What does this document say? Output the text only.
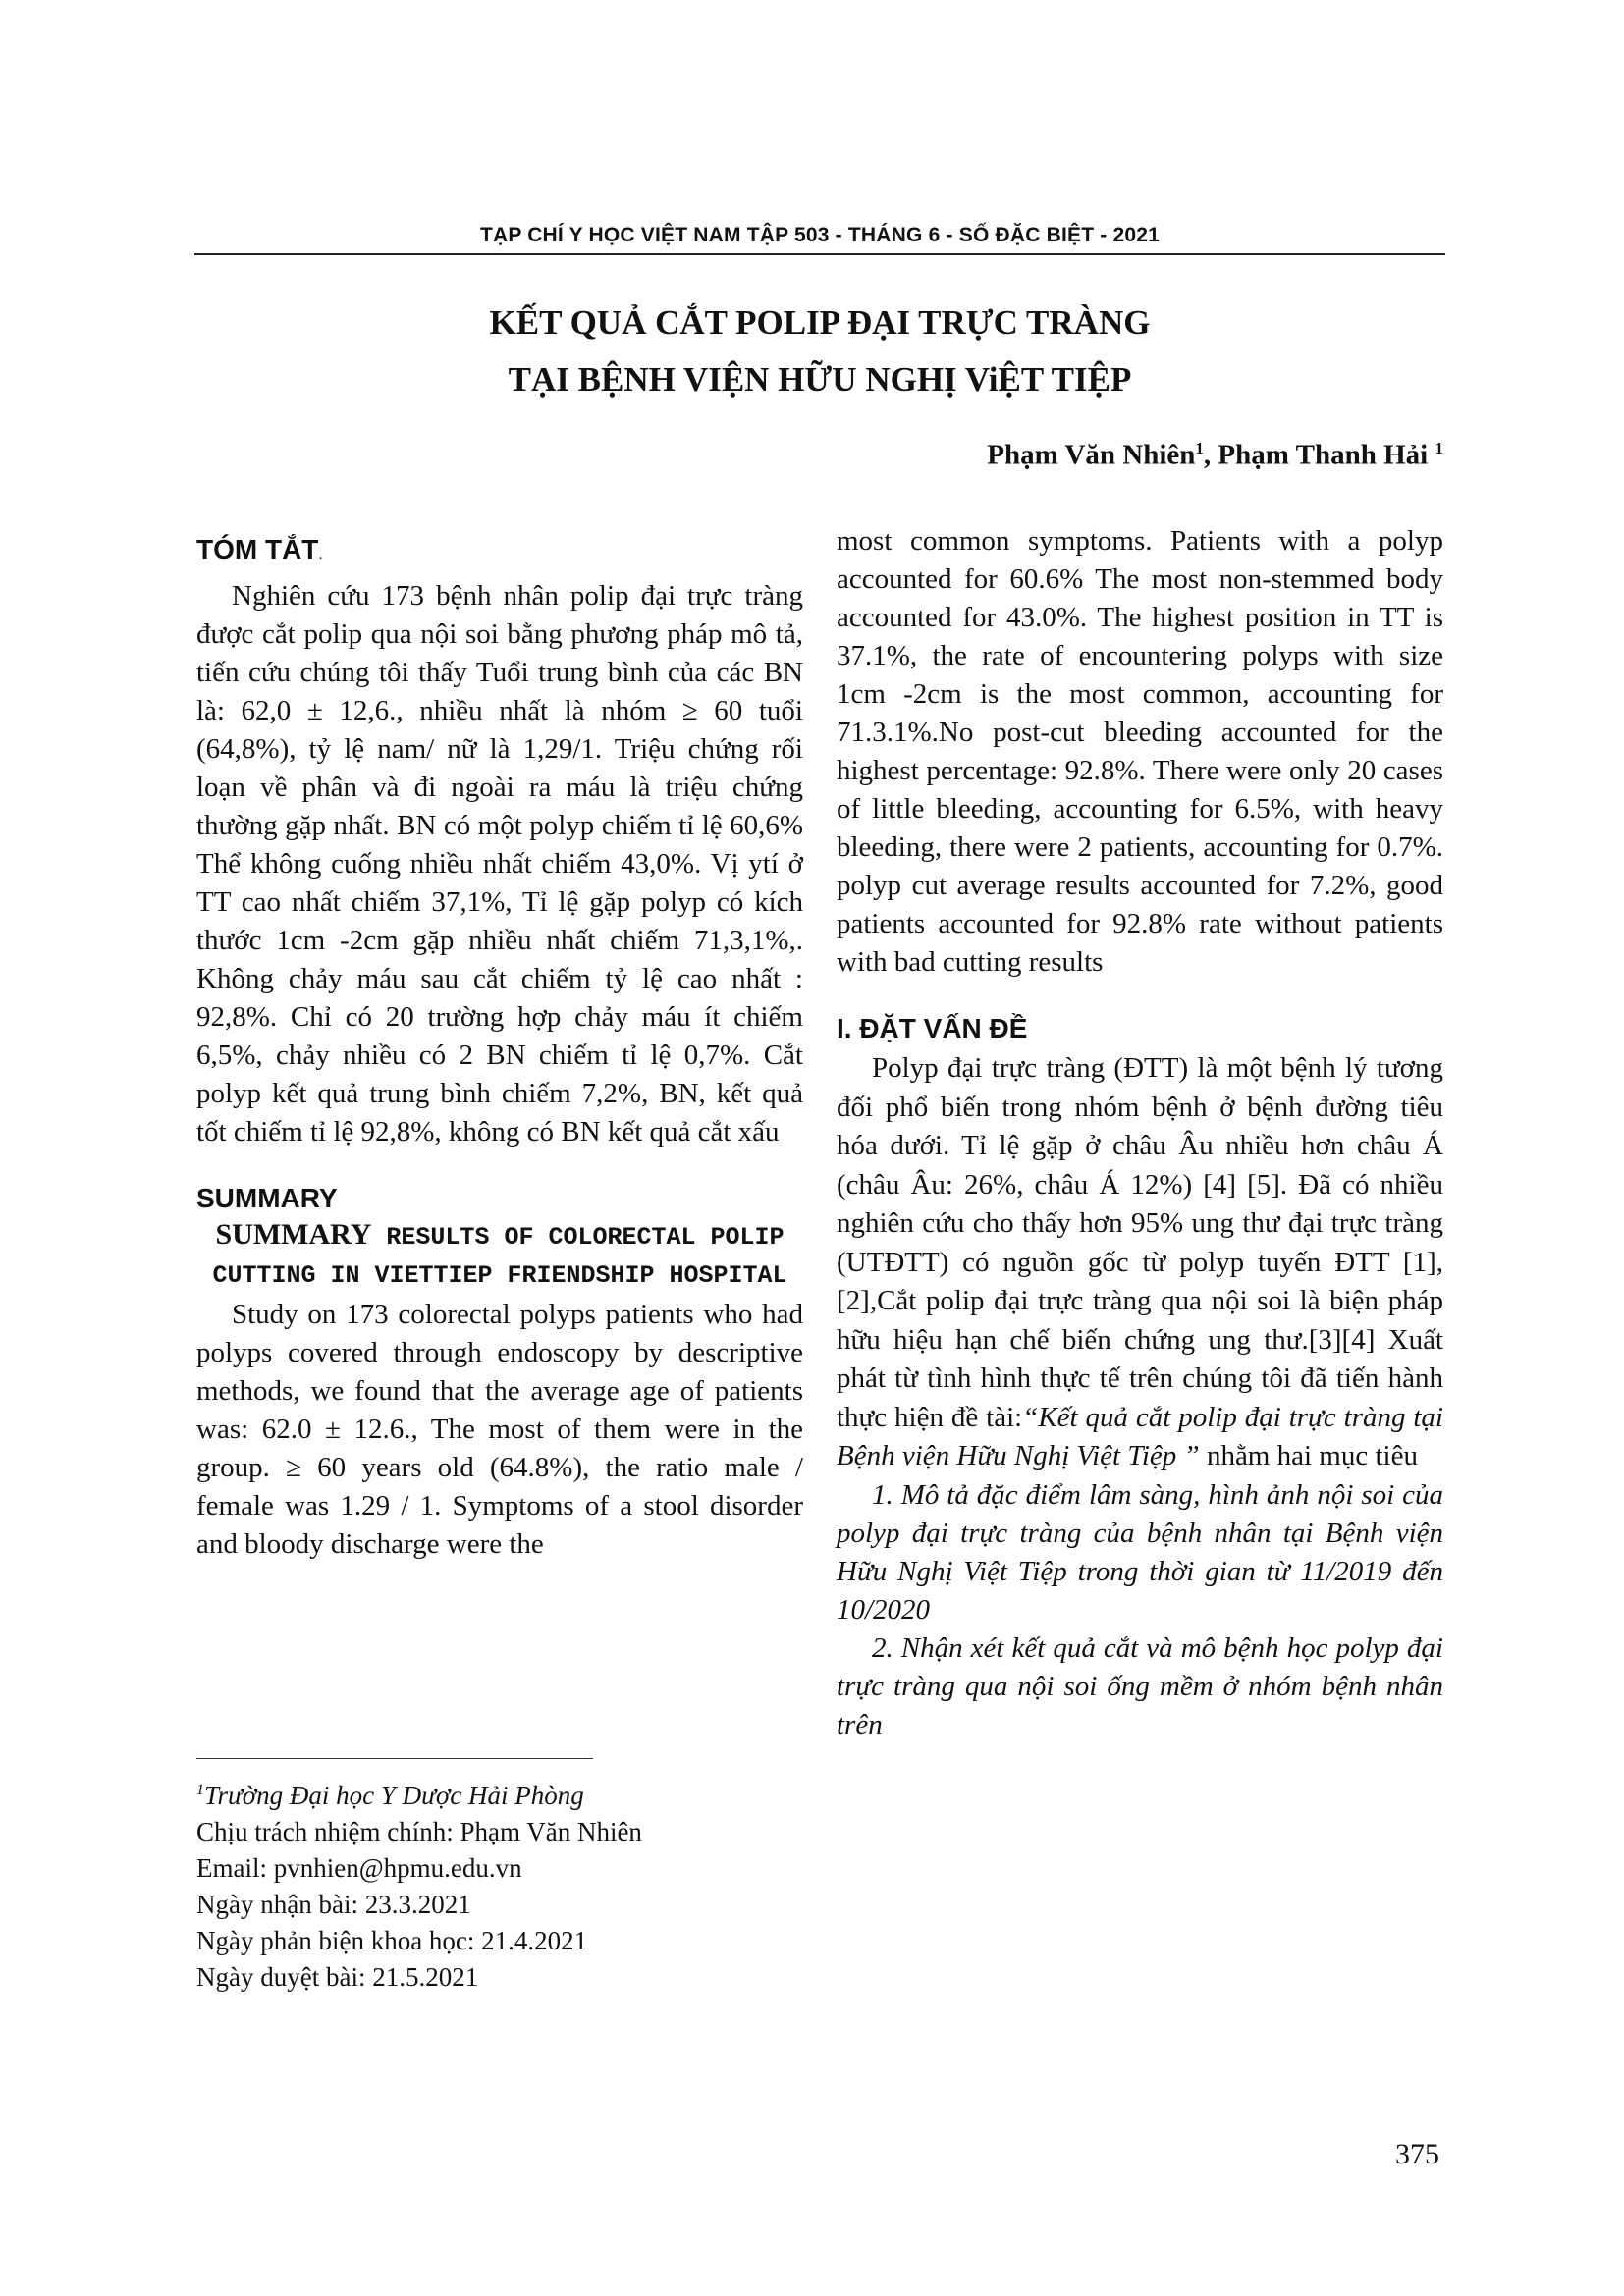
TẠP CHÍ Y HỌC VIỆT NAM TẬP 503 - THÁNG 6 - SỐ ĐẶC BIỆT - 2021
KẾT QUẢ CẮT POLIP ĐẠI TRỰC TRÀNG
TẠI BỆNH VIỆN HỮU NGHỊ ViỆT TIỆP
Phạm Văn Nhiên$^1$, Phạm Thanh Hải $^1$

TÓM TẮT.

Nghiên cứu 173 bệnh nhân polip đại trực tràng được cắt polip qua nội soi bằng phương pháp mô tả, tiến cứu chúng tôi thấy Tuổi trung bình của các BN là: 62,0 ± 12,6., nhiều nhất là nhóm ≥ 60 tuổi (64,8%), tỷ lệ nam/ nữ là 1,29/1. Triệu chứng rối loạn về phân và đi ngoài ra máu là triệu chứng thường gặp nhất. BN có một polyp chiếm tỉ lệ 60,6% Thể không cuống nhiều nhất chiếm 43,0%. Vị ytí ở TT cao nhất chiếm 37,1%, Tỉ lệ gặp polyp có kích thước 1cm -2cm gặp nhiều nhất chiếm 71,3,1%,. Không chảy máu sau cắt chiếm tỷ lệ cao nhất : 92,8%. Chỉ có 20 trường hợp chảy máu ít chiếm 6,5%, chảy nhiều có 2 BN chiếm tỉ lệ 0,7%. Cắt polyp kết quả trung bình chiếm 7,2%, BN, kết quả tốt chiếm tỉ lệ 92,8%, không có BN kết quả cắt xấu

SUMMARY

SUMMARY RESULTS OF COLORECTAL POLIP CUTTING IN VIETTIEP FRIENDSHIP HOSPITAL

Study on 173 colorectal polyps patients who had polyps covered through endoscopy by descriptive methods, we found that the average age of patients was: 62.0 ± 12.6., The most of them were in the group. ≥ 60 years old (64.8%), the ratio male / female was 1.29 / 1. Symptoms of a stool disorder and bloody discharge were the

$^1$Trường Đại học Y Dược Hải Phòng
Chịu trách nhiệm chính: Phạm Văn Nhiên
Email: pvnhien@hpmu.edu.vn
Ngày nhận bài: 23.3.2021
Ngày phản biện khoa học: 21.4.2021
Ngày duyệt bài: 21.5.2021

most common symptoms. Patients with a polyp accounted for 60.6% The most non-stemmed body accounted for 43.0%. The highest position in TT is 37.1%, the rate of encountering polyps with size 1cm -2cm is the most common, accounting for 71.3.1%.No post-cut bleeding accounted for the highest percentage: 92.8%. There were only 20 cases of little bleeding, accounting for 6.5%, with heavy bleeding, there were 2 patients, accounting for 0.7%. polyp cut average results accounted for 7.2%, good patients accounted for 92.8% rate without patients with bad cutting results

I. ĐẶT VẤN ĐỀ

Polyp đại trực tràng (ĐTT) là một bệnh lý tương đối phổ biến trong nhóm bệnh ở bệnh đường tiêu hóa dưới. Tỉ lệ gặp ở châu Âu nhiều hơn châu Á (châu Âu: 26%, châu Á 12%) [4] [5]. Đã có nhiều nghiên cứu cho thấy hơn 95% ung thư đại trực tràng (UTĐTT) có nguồn gốc từ polyp tuyến ĐTT [1], [2],Cắt polip đại trực tràng qua nội soi là biện pháp hữu hiệu hạn chế biến chứng ung thư.[3][4] Xuất phát từ tình hình thực tế trên chúng tôi đã tiến hành thực hiện đề tài:“Kết quả cắt polip đại trực tràng tại Bệnh viện Hữu Nghị Việt Tiệp ” nhằm hai mục tiêu

1. Mô tả đặc điểm lâm sàng, hình ảnh nội soi của polyp đại trực tràng của bệnh nhân tại Bệnh viện Hữu Nghị Việt Tiệp trong thời gian từ 11/2019 đến 10/2020

2. Nhận xét kết quả cắt và mô bệnh học polyp đại trực tràng qua nội soi ống mềm ở nhóm bệnh nhân trên

375
